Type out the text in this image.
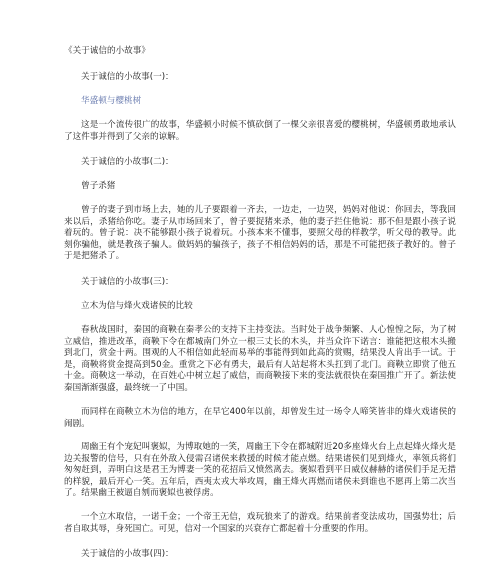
《关于诚信的小故事》

关于诚信的小故事(一)：

华盛顿与樱桃树

这是一个流传很广的故事，华盛顿小时候不慎砍倒了一棵父亲很喜爱的樱桃树，华盛顿勇敢地承认了这件事并得到了父亲的谅解。

关于诚信的小故事(二)：

曾子杀猪

曾子的妻子到市场上去，她的儿子要跟着一齐去，一边走，一边哭，妈妈对他说：你回去，等我回来以后，杀猪给你吃。妻子从市场回来了，曾子要捉猪来杀，他的妻子拦住他说：那不但是跟小孩子说着玩的。曾子说：决不能够跟小孩子说着玩。小孩本来不懂事，要照父母的样教学，听父母的教导。此刻你骗他，就是教孩子骗人。做妈妈的骗孩子，孩子不相信妈妈的话，那是不可能把孩子教好的。曾子于是把猪杀了。

关于诚信的小故事(三)：

立木为信与烽火戏诸侯的比较

春秋战国时，秦国的商鞅在秦孝公的支持下主持变法。当时处于战争频繁、人心惶惶之际，为了树立威信，推进改革，商鞅下令在都城南门外立一根三丈长的木头，并当众许下诺言：谁能把这根木头搬到北门，赏金十两。围观的人不相信如此轻而易举的事能得到如此高的赏赐，结果没人肯出手一试。于是，商鞅将赏金提高到50金。重赏之下必有勇夫，最后有人站起将木头扛到了北门。商鞅立即赏了他五十金。商鞅这一举动，在百姓心中树立起了威信，而商鞅接下来的变法就很快在秦国推广开了。新法使秦国渐渐强盛，最终统一了中国。

而同样在商鞅立木为信的地方，在早它400年以前，却曾发生过一场令人啼笑皆非的烽火戏诸侯的闹剧。

周幽王有个宠妃叫褒姒，为博取她的一笑，周幽王下令在都城附近20多座烽火台上点起烽火烽火是边关报警的信号，只有在外敌入侵需召诸侯来救援的时候才能点燃。结果诸侯们见到烽火，率领兵将们匆匆赶到，弄明白这是君王为博妻一笑的花招后又愤然离去。褒姒看到平日威仪赫赫的诸侯们手足无措的样貌，最后开心一笑。五年后，西夷太戎大举攻周，幽王烽火再燃而诸侯未到谁也不愿再上第二次当了。结果幽王被逼自刎而褒姒也被俘虏。

一个立木取信，一诺千金；一个帝王无信，戏玩狼来了的游戏。结果前者变法成功，国强势壮；后者自取其辱，身死国亡。可见，信对一个国家的兴衰存亡都起着十分重要的作用。

关于诚信的小故事(四)：
